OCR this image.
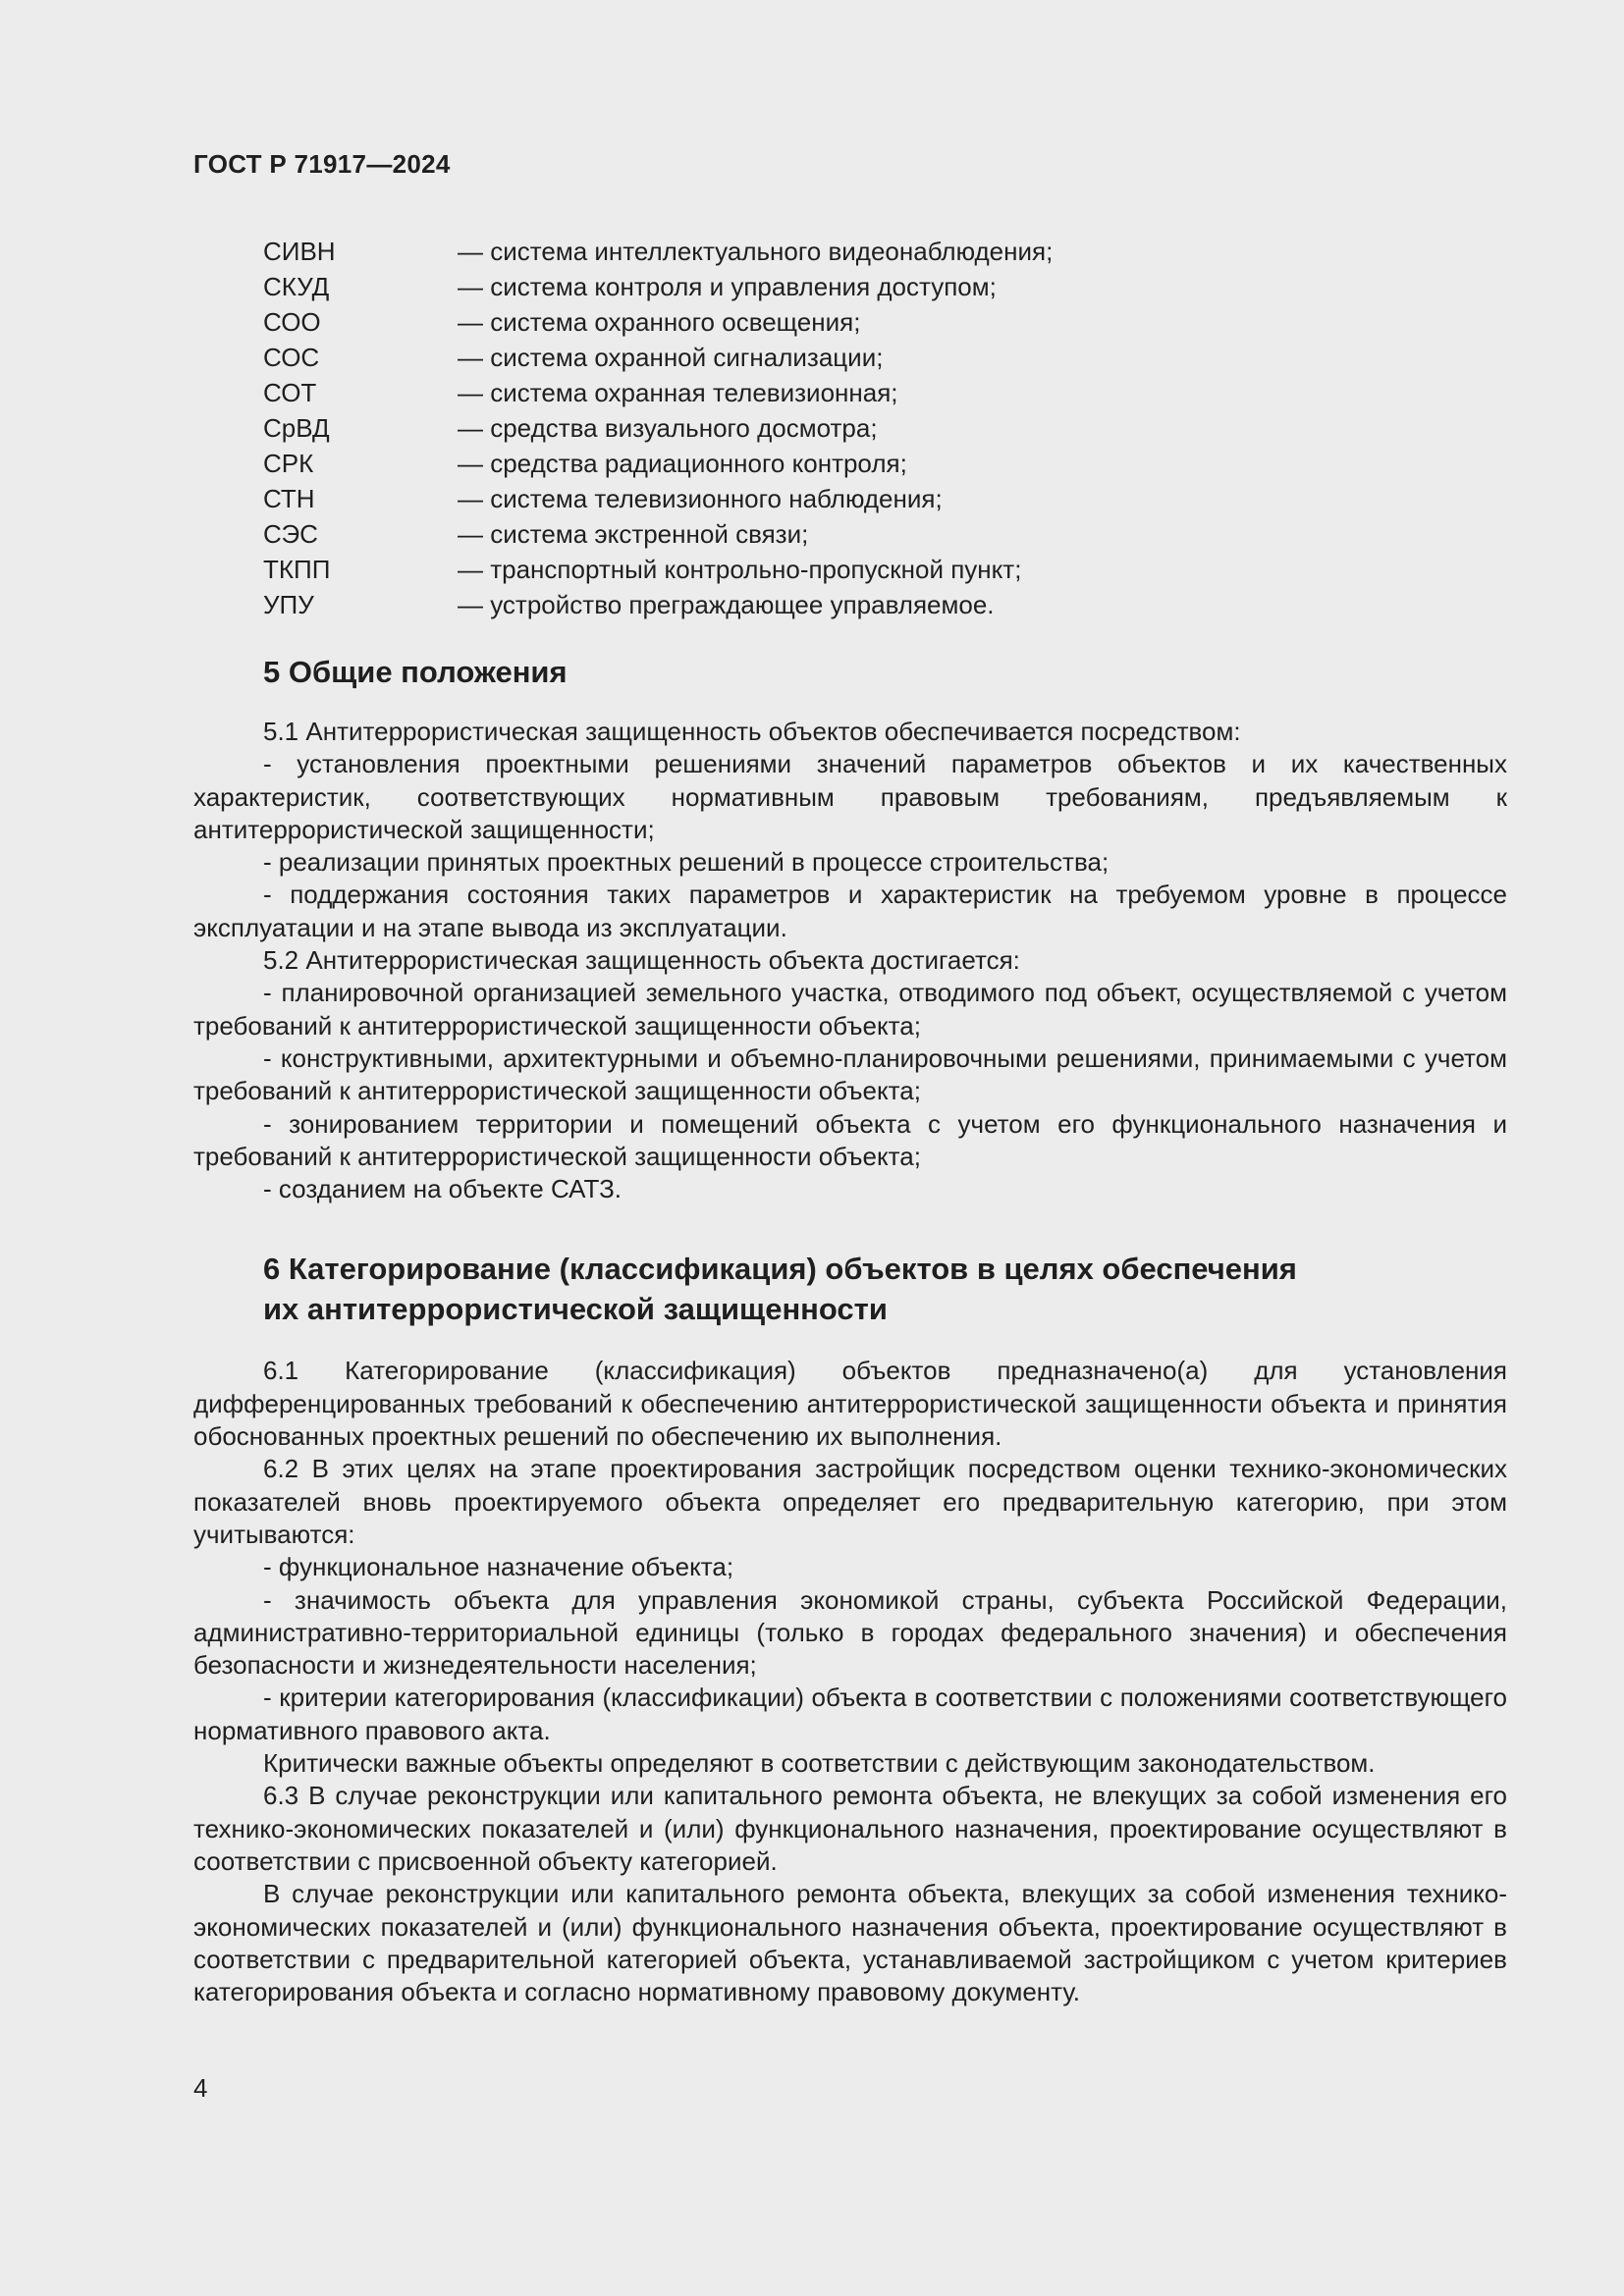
ГОСТ Р 71917—2024
СИВН	— система интеллектуального видеонаблюдения;
СКУД	— система контроля и управления доступом;
СОО	— система охранного освещения;
СОС	— система охранной сигнализации;
СОТ	— система охранная телевизионная;
СрВД	— средства визуального досмотра;
СРК	— средства радиационного контроля;
СТН	— система телевизионного наблюдения;
СЭС	— система экстренной связи;
ТКПП	— транспортный контрольно-пропускной пункт;
УПУ	— устройство преграждающее управляемое.
5 Общие положения

5.1 Антитеррористическая защищенность объектов обеспечивается посредством:

- установления проектными решениями значений параметров объектов и их качественных характеристик, соответствующих нормативным правовым требованиям, предъявляемым к антитеррористической защищенности;

- реализации принятых проектных решений в процессе строительства;

- поддержания состояния таких параметров и характеристик на требуемом уровне в процессе эксплуатации и на этапе вывода из эксплуатации.

5.2 Антитеррористическая защищенность объекта достигается:

- планировочной организацией земельного участка, отводимого под объект, осуществляемой с учетом требований к антитеррористической защищенности объекта;

- конструктивными, архитектурными и объемно-планировочными решениями, принимаемыми с учетом требований к антитеррористической защищенности объекта;

- зонированием территории и помещений объекта с учетом его функционального назначения и требований к антитеррористической защищенности объекта;

- созданием на объекте САТЗ.

6 Категорирование (классификация) объектов в целях обеспечения
их антитеррористической защищенности

6.1 Категорирование (классификация) объектов предназначено(а) для установления дифференцированных требований к обеспечению антитеррористической защищенности объекта и принятия обоснованных проектных решений по обеспечению их выполнения.

6.2 В этих целях на этапе проектирования застройщик посредством оценки технико-экономических показателей вновь проектируемого объекта определяет его предварительную категорию, при этом учитываются:

- функциональное назначение объекта;

- значимость объекта для управления экономикой страны, субъекта Российской Федерации, административно-территориальной единицы (только в городах федерального значения) и обеспечения безопасности и жизнедеятельности населения;

- критерии категорирования (классификации) объекта в соответствии с положениями соответствующего нормативного правового акта.

Критически важные объекты определяют в соответствии с действующим законодательством.

6.3 В случае реконструкции или капитального ремонта объекта, не влекущих за собой изменения его технико-экономических показателей и (или) функционального назначения, проектирование осуществляют в соответствии с присвоенной объекту категорией.

В случае реконструкции или капитального ремонта объекта, влекущих за собой изменения технико-экономических показателей и (или) функционального назначения объекта, проектирование осуществляют в соответствии с предварительной категорией объекта, устанавливаемой застройщиком с учетом критериев категорирования объекта и согласно нормативному правовому документу.

4
